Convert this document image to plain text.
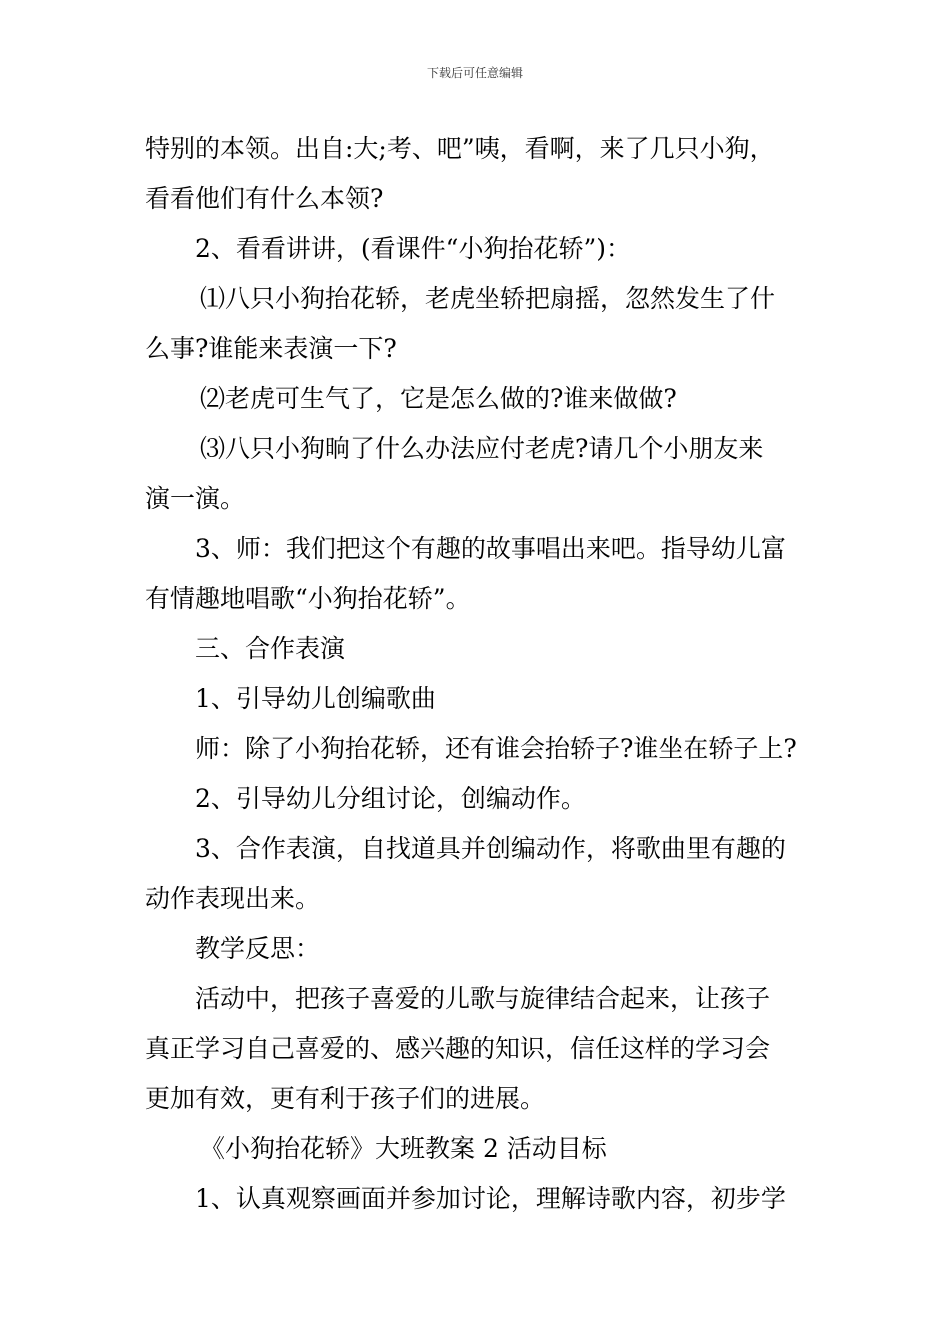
下载后可任意编辑
特别的本领。出自:大;考、吧”咦，看啊，来了几只小狗，
看看他们有什么本领?
2、看看讲讲，(看课件“小狗抬花轿”)：
⑴八只小狗抬花轿，老虎坐轿把扇摇，忽然发生了什
么事?谁能来表演一下?
⑵老虎可生气了，它是怎么做的?谁来做做?
⑶八只小狗晌了什么办法应付老虎?请几个小朋友来
演一演。
3、师：我们把这个有趣的故事唱出来吧。指导幼儿富
有情趣地唱歌“小狗抬花轿”。
三、合作表演
1、引导幼儿创编歌曲
师：除了小狗抬花轿，还有谁会抬轿子?谁坐在轿子上?
2、引导幼儿分组讨论，创编动作。
3、合作表演，自找道具并创编动作，将歌曲里有趣的
动作表现出来。
教学反思：
活动中，把孩子喜爱的儿歌与旋律结合起来，让孩子
真正学习自己喜爱的、感兴趣的知识，信任这样的学习会
更加有效，更有利于孩子们的进展。
《小狗抬花轿》大班教案 2 活动目标
1、认真观察画面并参加讨论，理解诗歌内容，初步学
